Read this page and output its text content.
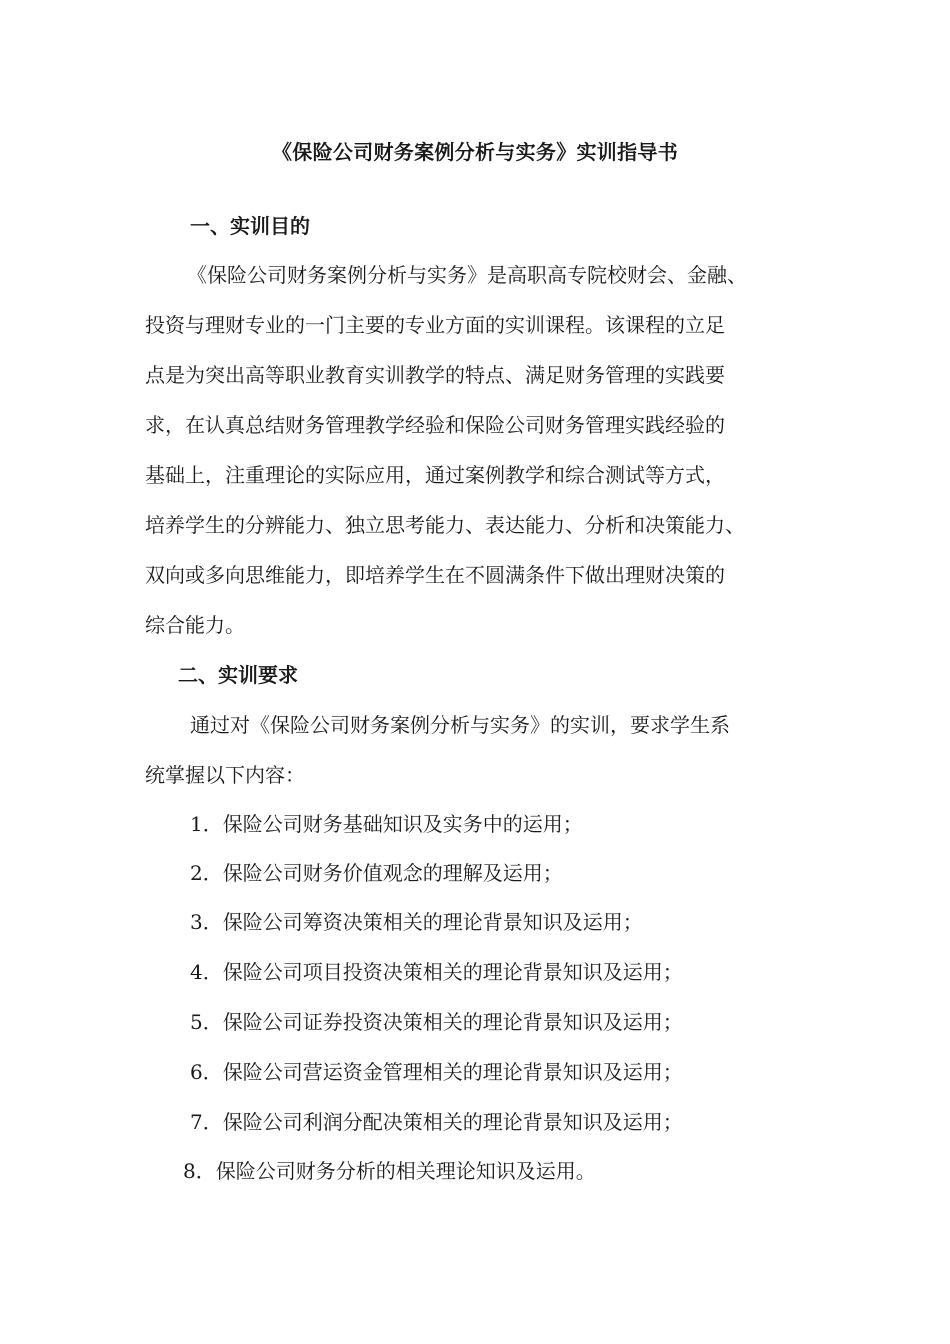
《保险公司财务案例分析与实务》实训指导书
一、实训目的
《保险公司财务案例分析与实务》是高职高专院校财会、金融、
投资与理财专业的一门主要的专业方面的实训课程。该课程的立足
点是为突出高等职业教育实训教学的特点、满足财务管理的实践要
求，在认真总结财务管理教学经验和保险公司财务管理实践经验的
基础上，注重理论的实际应用，通过案例教学和综合测试等方式，
培养学生的分辨能力、独立思考能力、表达能力、分析和决策能力、
双向或多向思维能力，即培养学生在不圆满条件下做出理财决策的
综合能力。
二、实训要求
通过对《保险公司财务案例分析与实务》的实训，要求学生系
统掌握以下内容：
1．保险公司财务基础知识及实务中的运用；
2．保险公司财务价值观念的理解及运用；
3．保险公司筹资决策相关的理论背景知识及运用；
4．保险公司项目投资决策相关的理论背景知识及运用；
5．保险公司证券投资决策相关的理论背景知识及运用；
6．保险公司营运资金管理相关的理论背景知识及运用；
7．保险公司利润分配决策相关的理论背景知识及运用；
8．保险公司财务分析的相关理论知识及运用。
